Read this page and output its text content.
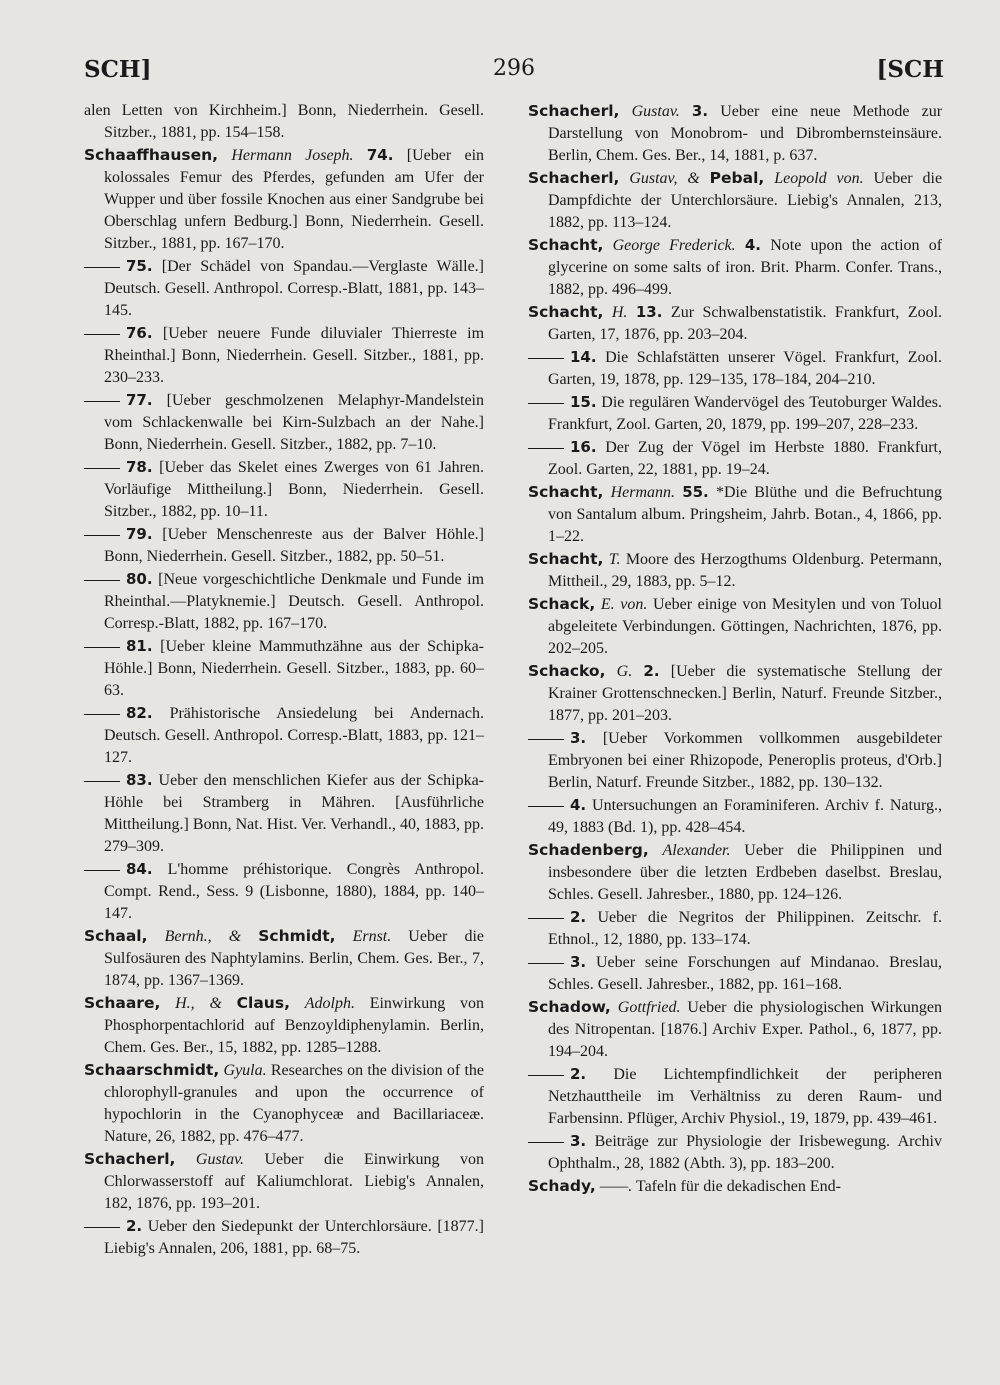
SCH]	296	[SCH

alen Letten von Kirchheim.] Bonn, Niederrhein. Gesell. Sitzber., 1881, pp. 154–158.

Schaaffhausen, Hermann Joseph. 74. [Ueber ein kolossales Femur des Pferdes, gefunden am Ufer der Wupper und über fossile Knochen aus einer Sandgrube bei Oberschlag unfern Bedburg.] Bonn, Niederrhein. Gesell. Sitzber., 1881, pp. 167–170.

75. [Der Schädel von Spandau.—Verglaste Wälle.] Deutsch. Gesell. Anthropol. Corresp.-Blatt, 1881, pp. 143–145.

76. [Ueber neuere Funde diluvialer Thierreste im Rheinthal.] Bonn, Niederrhein. Gesell. Sitzber., 1881, pp. 230–233.

77. [Ueber geschmolzenen Melaphyr-Mandelstein vom Schlackenwalle bei Kirn-Sulzbach an der Nahe.] Bonn, Niederrhein. Gesell. Sitzber., 1882, pp. 7–10.

78. [Ueber das Skelet eines Zwerges von 61 Jahren. Vorläufige Mittheilung.] Bonn, Niederrhein. Gesell. Sitzber., 1882, pp. 10–11.

79. [Ueber Menschenreste aus der Balver Höhle.] Bonn, Niederrhein. Gesell. Sitzber., 1882, pp. 50–51.

80. [Neue vorgeschichtliche Denkmale und Funde im Rheinthal.—Platyknemie.] Deutsch. Gesell. Anthropol. Corresp.-Blatt, 1882, pp. 167–170.

81. [Ueber kleine Mammuthzähne aus der Schipka-Höhle.] Bonn, Niederrhein. Gesell. Sitzber., 1883, pp. 60–63.

82. Prähistorische Ansiedelung bei Andernach. Deutsch. Gesell. Anthropol. Corresp.-Blatt, 1883, pp. 121–127.

83. Ueber den menschlichen Kiefer aus der Schipka-Höhle bei Stramberg in Mähren. [Ausführliche Mittheilung.] Bonn, Nat. Hist. Ver. Verhandl., 40, 1883, pp. 279–309.

84. L'homme préhistorique. Congrès Anthropol. Compt. Rend., Sess. 9 (Lisbonne, 1880), 1884, pp. 140–147.

Schaal, Bernh., & Schmidt, Ernst. Ueber die Sulfosäuren des Naphtylamins. Berlin, Chem. Ges. Ber., 7, 1874, pp. 1367–1369.

Schaare, H., & Claus, Adolph. Einwirkung von Phosphorpentachlorid auf Benzoyldiphenylamin. Berlin, Chem. Ges. Ber., 15, 1882, pp. 1285–1288.

Schaarschmidt, Gyula. Researches on the division of the chlorophyll-granules and upon the occurrence of hypochlorin in the Cyanophyceæ and Bacillariaceæ. Nature, 26, 1882, pp. 476–477.

Schacherl, Gustav. Ueber die Einwirkung von Chlorwasserstoff auf Kaliumchlorat. Liebig's Annalen, 182, 1876, pp. 193–201.

2. Ueber den Siedepunkt der Unterchlorsäure. [1877.] Liebig's Annalen, 206, 1881, pp. 68–75.

Schacherl, Gustav. 3. Ueber eine neue Methode zur Darstellung von Monobrom- und Dibrombernsteinsäure. Berlin, Chem. Ges. Ber., 14, 1881, p. 637.

Schacherl, Gustav, & Pebal, Leopold von. Ueber die Dampfdichte der Unterchlorsäure. Liebig's Annalen, 213, 1882, pp. 113–124.

Schacht, George Frederick. 4. Note upon the action of glycerine on some salts of iron. Brit. Pharm. Confer. Trans., 1882, pp. 496–499.

Schacht, H. 13. Zur Schwalbenstatistik. Frankfurt, Zool. Garten, 17, 1876, pp. 203–204.

14. Die Schlafstätten unserer Vögel. Frankfurt, Zool. Garten, 19, 1878, pp. 129–135, 178–184, 204–210.

15. Die regulären Wandervögel des Teutoburger Waldes. Frankfurt, Zool. Garten, 20, 1879, pp. 199–207, 228–233.

16. Der Zug der Vögel im Herbste 1880. Frankfurt, Zool. Garten, 22, 1881, pp. 19–24.

Schacht, Hermann. 55. *Die Blüthe und die Befruchtung von Santalum album. Pringsheim, Jahrb. Botan., 4, 1866, pp. 1–22.

Schacht, T. Moore des Herzogthums Oldenburg. Petermann, Mittheil., 29, 1883, pp. 5–12.

Schack, E. von. Ueber einige von Mesitylen und von Toluol abgeleitete Verbindungen. Göttingen, Nachrichten, 1876, pp. 202–205.

Schacko, G. 2. [Ueber die systematische Stellung der Krainer Grottenschnecken.] Berlin, Naturf. Freunde Sitzber., 1877, pp. 201–203.

3. [Ueber Vorkommen vollkommen ausgebildeter Embryonen bei einer Rhizopode, Peneroplis proteus, d'Orb.] Berlin, Naturf. Freunde Sitzber., 1882, pp. 130–132.

4. Untersuchungen an Foraminiferen. Archiv f. Naturg., 49, 1883 (Bd. 1), pp. 428–454.

Schadenberg, Alexander. Ueber die Philippinen und insbesondere über die letzten Erdbeben daselbst. Breslau, Schles. Gesell. Jahresber., 1880, pp. 124–126.

2. Ueber die Negritos der Philippinen. Zeitschr. f. Ethnol., 12, 1880, pp. 133–174.

3. Ueber seine Forschungen auf Mindanao. Breslau, Schles. Gesell. Jahresber., 1882, pp. 161–168.

Schadow, Gottfried. Ueber die physiologischen Wirkungen des Nitropentan. [1876.] Archiv Exper. Pathol., 6, 1877, pp. 194–204.

2. Die Lichtempfindlichkeit der peripheren Netzhauttheile im Verhältniss zu deren Raum- und Farbensinn. Pflüger, Archiv Physiol., 19, 1879, pp. 439–461.

3. Beiträge zur Physiologie der Irisbewegung. Archiv Ophthalm., 28, 1882 (Abth. 3), pp. 183–200.

Schady, ——. Tafeln für die dekadischen End-
